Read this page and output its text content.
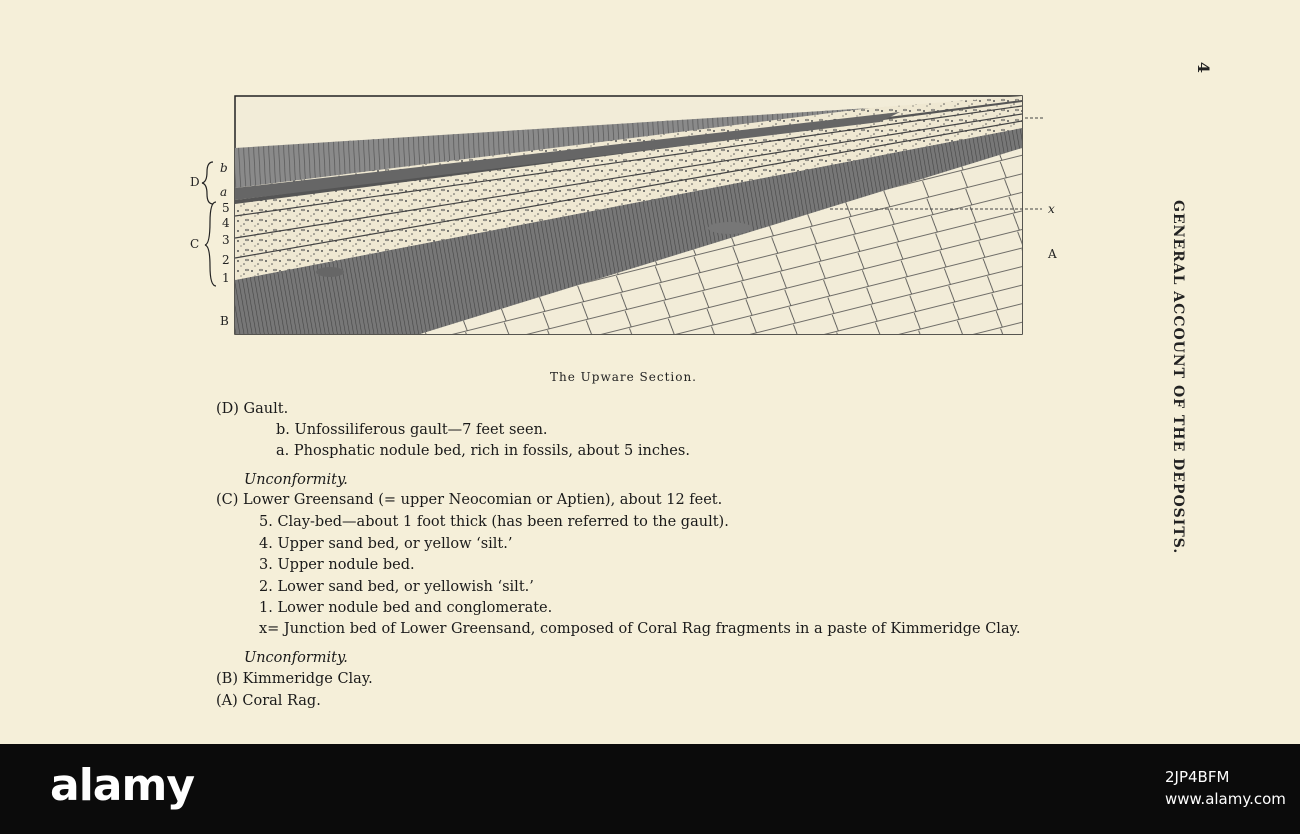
4
GENERAL ACCOUNT OF THE DEPOSITS.
D
b
a
5
4
3
2
1
C
B
x
A
The Upware Section.
(D) Gault.
b. Unfossiliferous gault—7 feet seen.
a. Phosphatic nodule bed, rich in fossils, about 5 inches.
Unconformity.
(C) Lower Greensand (= upper Neocomian or Aptien), about 12 feet.
5. Clay-bed—about 1 foot thick (has been referred to the gault).
4. Upper sand bed, or yellow ‘silt.’
3. Upper nodule bed.
2. Lower sand bed, or yellowish ‘silt.’
1. Lower nodule bed and conglomerate.
x= Junction bed of Lower Greensand, composed of Coral Rag fragments in a paste of Kimmeridge Clay.
Unconformity.
(B) Kimmeridge Clay.
(A) Coral Rag.
alamy	2JP4BFM
www.alamy.com
